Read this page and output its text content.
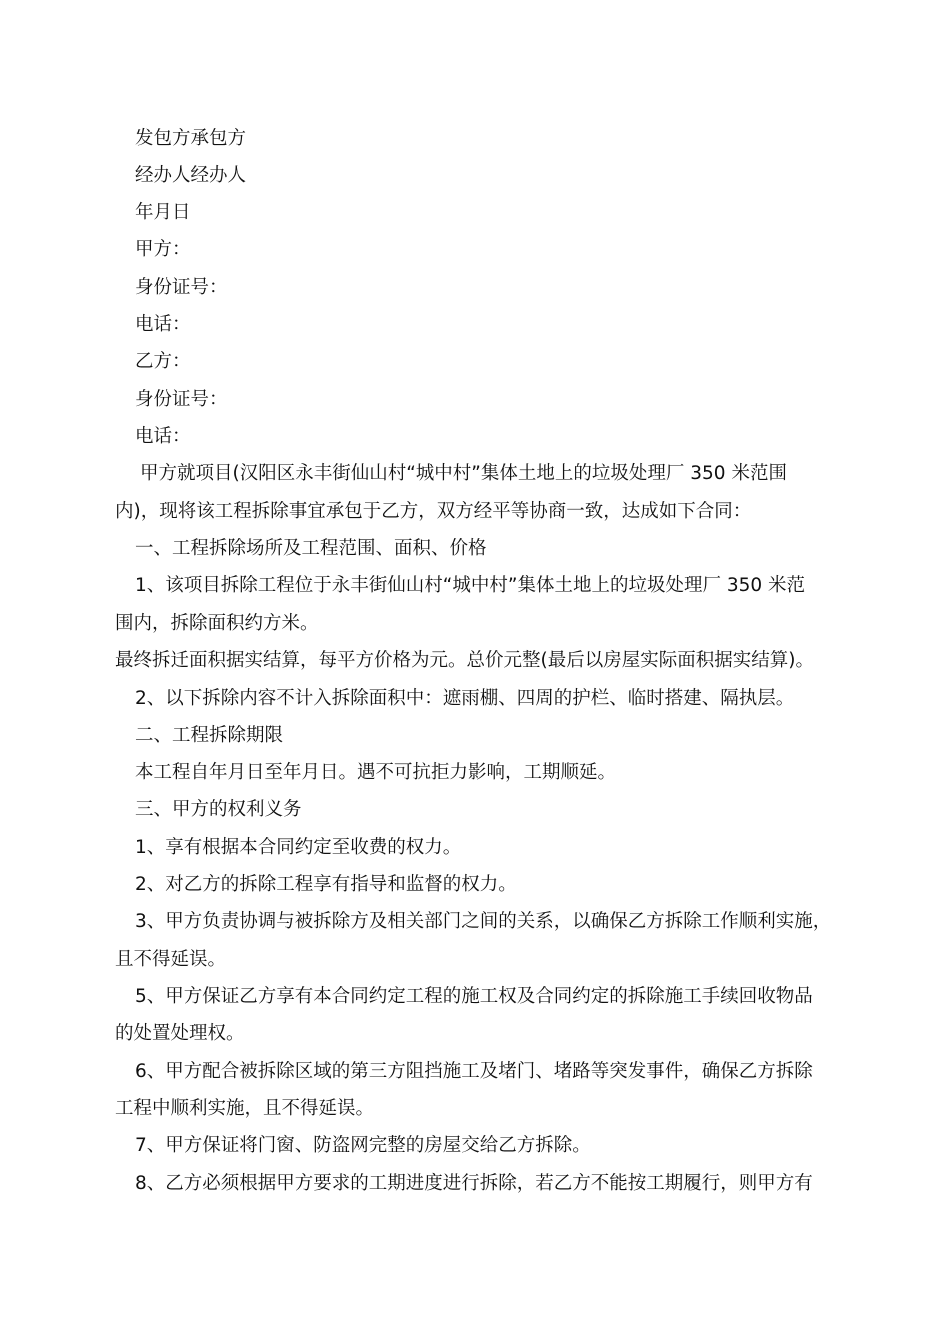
发包方承包方
经办人经办人
年月日
甲方：
身份证号：
电话：
乙方：
身份证号：
电话：
甲方就项目(汉阳区永丰街仙山村“城中村”集体土地上的垃圾处理厂 350 米范围
内)，现将该工程拆除事宜承包于乙方，双方经平等协商一致，达成如下合同：
一、工程拆除场所及工程范围、面积、价格
1、该项目拆除工程位于永丰街仙山村“城中村”集体土地上的垃圾处理厂 350 米范
围内，拆除面积约方米。
最终拆迁面积据实结算，每平方价格为元。总价元整(最后以房屋实际面积据实结算)。
2、以下拆除内容不计入拆除面积中：遮雨棚、四周的护栏、临时搭建、隔执层。
二、工程拆除期限
本工程自年月日至年月日。遇不可抗拒力影响，工期顺延。
三、甲方的权利义务
1、享有根据本合同约定至收费的权力。
2、对乙方的拆除工程享有指导和监督的权力。
3、甲方负责协调与被拆除方及相关部门之间的关系，以确保乙方拆除工作顺利实施，
且不得延误。
5、甲方保证乙方享有本合同约定工程的施工权及合同约定的拆除施工手续回收物品
的处置处理权。
6、甲方配合被拆除区域的第三方阻挡施工及堵门、堵路等突发事件，确保乙方拆除
工程中顺利实施，且不得延误。
7、甲方保证将门窗、防盗网完整的房屋交给乙方拆除。
8、乙方必须根据甲方要求的工期进度进行拆除，若乙方不能按工期履行，则甲方有
